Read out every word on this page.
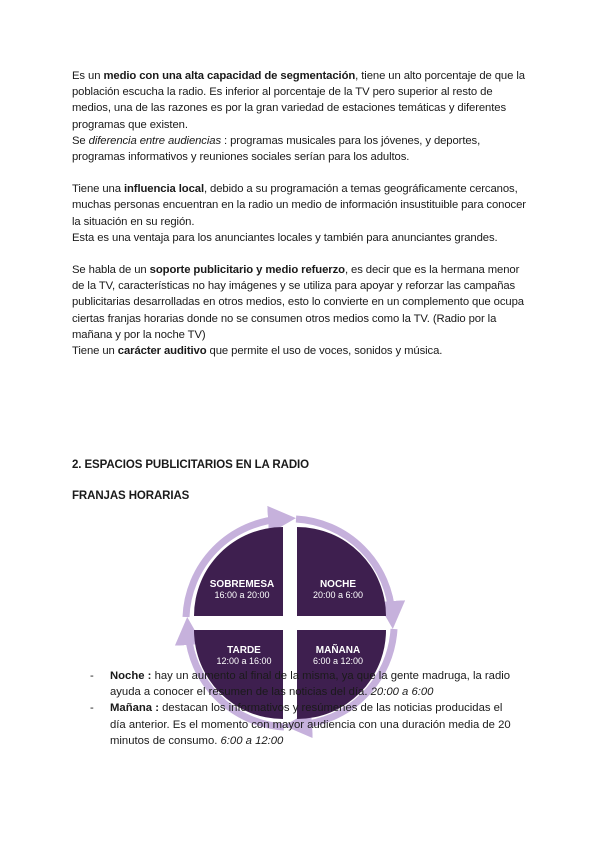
Es un medio con una alta capacidad de segmentación, tiene un alto porcentaje de que la población escucha la radio. Es inferior al porcentaje de la TV pero superior al resto de medios, una de las razones es por la gran variedad de estaciones temáticas y diferentes programas que existen.

Se diferencia entre audiencias : programas musicales para los jóvenes, y deportes, programas informativos y reuniones sociales serían para los adultos.

Tiene una influencia local, debido a su programación a temas geográficamente cercanos, muchas personas encuentran en la radio un medio de información insustituible para conocer la situación en su región.

Esta es una ventaja para los anunciantes locales y también para anunciantes grandes.

Se habla de un soporte publicitario y medio refuerzo, es decir que es la hermana menor de la TV, características no hay imágenes y se utiliza para apoyar y reforzar las campañas publicitarias desarrolladas en otros medios, esto lo convierte en un complemento que ocupa ciertas franjas horarias donde no se consumen otros medios como la TV. (Radio por la mañana y por la noche TV)

Tiene un carácter auditivo que permite el uso de voces, sonidos y música.

2. ESPACIOS PUBLICITARIOS EN LA RADIO
FRANJAS HORARIAS
SOBREMESA
16:00 a 20:00
NOCHE
20:00 a 6:00
TARDE
12:00 a 16:00
MAÑANA
6:00 a 12:00
- Noche : hay un aumento al final de la misma, ya que la gente madruga, la radio ayuda a conocer el resumen de las noticias del día. 20:00 a 6:00
- Mañana : destacan los informativos y resúmenes de las noticias producidas el día anterior. Es el momento con mayor audiencia con una duración media de 20 minutos de consumo. 6:00 a 12:00
